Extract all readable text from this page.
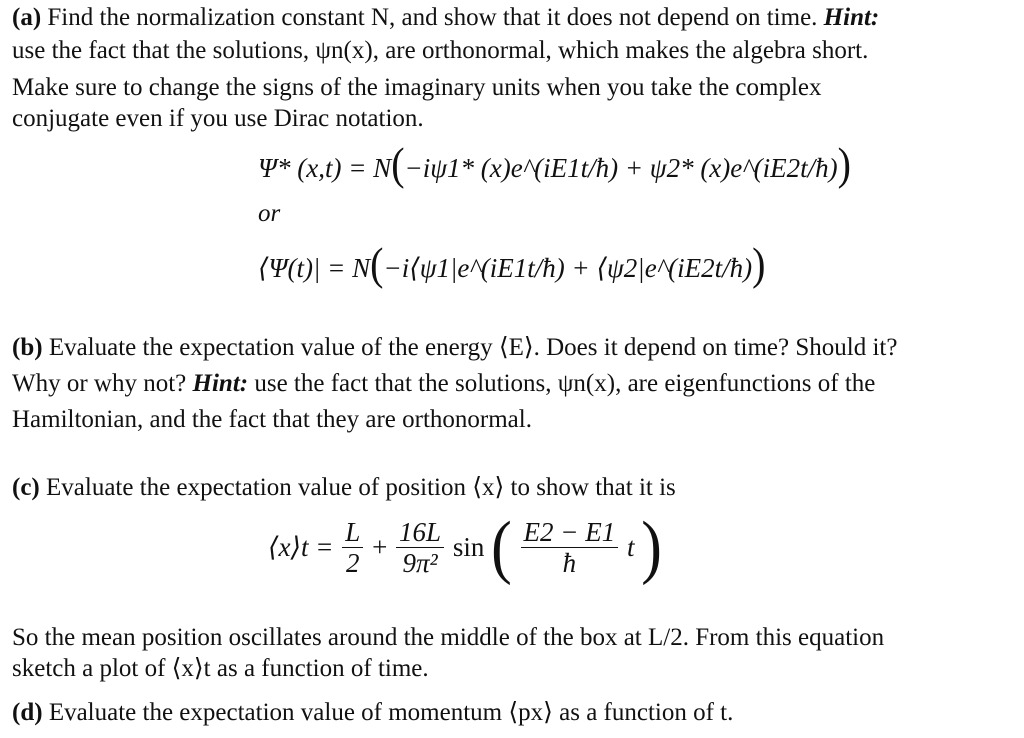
(a) Find the normalization constant N, and show that it does not depend on time. Hint:
use the fact that the solutions, ψn(x), are orthonormal, which makes the algebra short.
Make sure to change the signs of the imaginary units when you take the complex
conjugate even if you use Dirac notation.
Ψ* (x,t) = N(−iψ1* (x)e^(iE1t/ħ) + ψ2* (x)e^(iE2t/ħ))
or
⟨Ψ(t)| = N(−i⟨ψ1|e^(iE1t/ħ) + ⟨ψ2|e^(iE2t/ħ))
(b) Evaluate the expectation value of the energy ⟨E⟩. Does it depend on time? Should it?
Why or why not? Hint: use the fact that the solutions, ψn(x), are eigenfunctions of the
Hamiltonian, and the fact that they are orthonormal.
(c) Evaluate the expectation value of position ⟨x⟩ to show that it is
⟨x⟩t = $\frac{L}{2} + \frac{16L}{\text{9π²}}$ sin ( $\frac{E2 - E1}{ħ}$ t )
So the mean position oscillates around the middle of the box at L/2. From this equation
sketch a plot of ⟨x⟩t as a function of time.
(d) Evaluate the expectation value of momentum ⟨px⟩ as a function of t.
